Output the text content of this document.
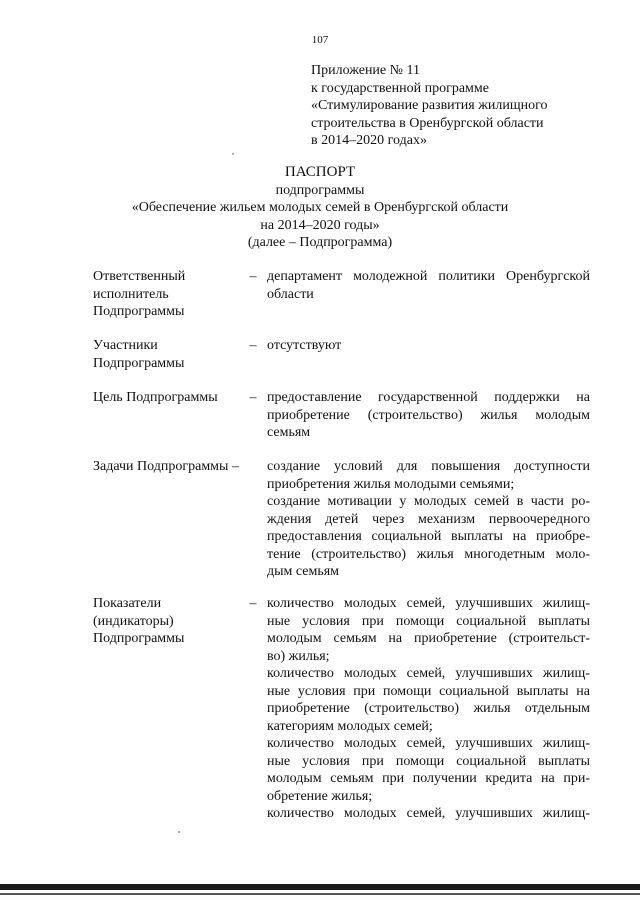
107
Приложение № 11
к государственной программе
«Стимулирование развития жилищного
строительства в Оренбургской области
в 2014–2020 годах»
ПАСПОРТ
подпрограммы
«Обеспечение жильем молодых семей в Оренбургской области
на 2014–2020 годы»
(далее – Подпрограмма)
Ответственный
исполнитель
Подпрограммы
– департамент молодежной политики Оренбургской
области
Участники
Подпрограммы
– отсутствуют
Цель Подпрограммы	– предоставление государственной поддержки на
приобретение (строительство) жилья молодым
семьям
Задачи Подпрограммы – создание условий для повышения доступности
приобретения жилья молодыми семьями;
создание мотивации у молодых семей в части ро-
ждения детей через механизм первоочередного
предоставления социальной выплаты на приобре-
тение (строительство) жилья многодетным моло-
дым семьям
Показатели
(индикаторы)
Подпрограммы
– количество молодых семей, улучшивших жилищ-
ные условия при помощи социальной выплаты
молодым семьям на приобретение (строительст-
во) жилья;
количество молодых семей, улучшивших жилищ-
ные условия при помощи социальной выплаты на
приобретение (строительство) жилья отдельным
категориям молодых семей;
количество молодых семей, улучшивших жилищ-
ные условия при помощи социальной выплаты
молодым семьям при получении кредита на при-
обретение жилья;
количество молодых семей, улучшивших жилищ-
